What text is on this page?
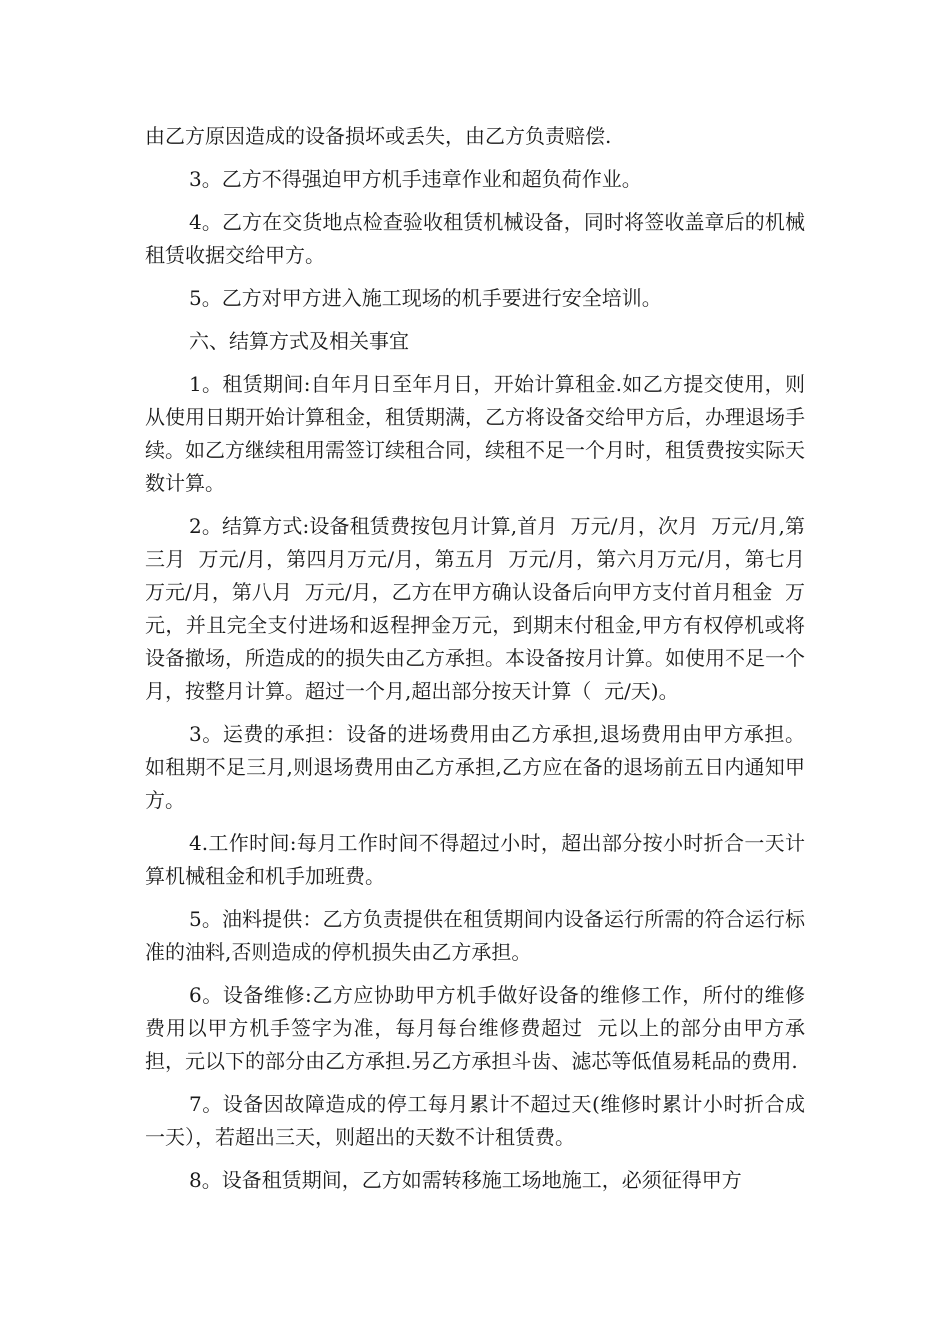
由乙方原因造成的设备损坏或丢失，由乙方负责赔偿.

3。乙方不得强迫甲方机手违章作业和超负荷作业。

4。乙方在交货地点检查验收租赁机械设备，同时将签收盖章后的机械租赁收据交给甲方。

5。乙方对甲方进入施工现场的机手要进行安全培训。

六、结算方式及相关事宜

1。租赁期间:自年月日至年月日，开始计算租金.如乙方提交使用，则从使用日期开始计算租金，租赁期满，乙方将设备交给甲方后，办理退场手续。如乙方继续租用需签订续租合同，续租不足一个月时，租赁费按实际天数计算。

2。结算方式:设备租赁费按包月计算,首月  万元/月，次月  万元/月,第三月  万元/月，第四月万元/月，第五月  万元/月，第六月万元/月，第七月            万元/月，第八月  万元/月，乙方在甲方确认设备后向甲方支付首月租金  万元，并且完全支付进场和返程押金万元，到期末付租金,甲方有权停机或将设备撤场，所造成的的损失由乙方承担。本设备按月计算。如使用不足一个月，按整月计算。超过一个月,超出部分按天计算（  元/天)。

3。运费的承担：设备的进场费用由乙方承担,退场费用由甲方承担。如租期不足三月,则退场费用由乙方承担,乙方应在备的退场前五日内通知甲方。

4.工作时间:每月工作时间不得超过小时，超出部分按小时折合一天计算机械租金和机手加班费。

5。油料提供：乙方负责提供在租赁期间内设备运行所需的符合运行标准的油料,否则造成的停机损失由乙方承担。

6。设备维修:乙方应协助甲方机手做好设备的维修工作，所付的维修费用以甲方机手签字为准，每月每台维修费超过  元以上的部分由甲方承担，元以下的部分由乙方承担.另乙方承担斗齿、滤芯等低值易耗品的费用.

7。设备因故障造成的停工每月累计不超过天(维修时累计小时折合成一天），若超出三天，则超出的天数不计租赁费。

8。设备租赁期间，乙方如需转移施工场地施工，必须征得甲方
